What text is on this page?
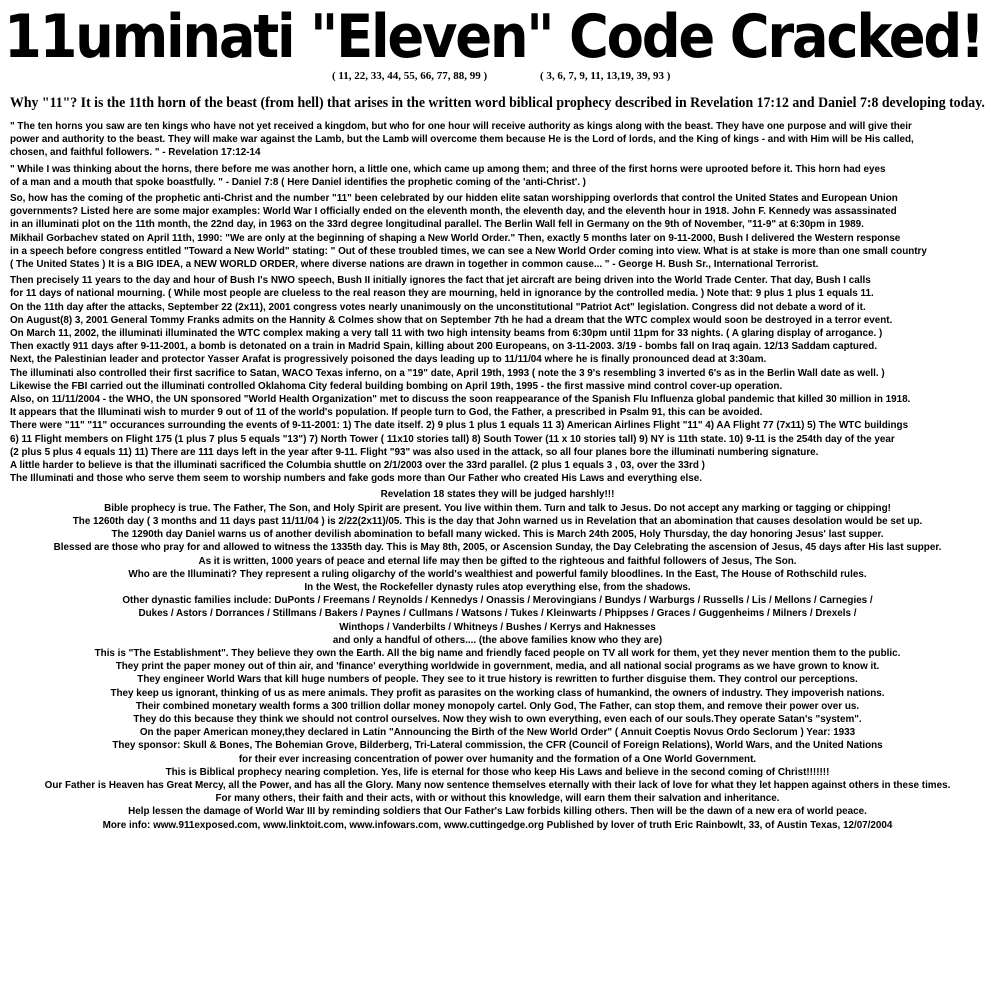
11uminati "Eleven" Code Cracked!
( 11, 22, 33, 44, 55, 66, 77, 88, 99 )	( 3, 6, 7, 9, 11, 13,19, 39, 93 )
Why "11"? It is the 11th horn of the beast (from hell) that arises in the written word biblical prophecy described in Revelation 17:12 and Daniel 7:8 developing today.

" The ten horns you saw are ten kings who have not yet received a kingdom, but who for one hour will receive authority as kings along with the beast. They have one purpose and will give their
power and authority to the beast. They will make war against the Lamb, but the Lamb will overcome them because He is the Lord of lords, and the King of kings - and with Him will be His called,
chosen, and faithful followers. " - Revelation 17:12-14

" While I was thinking about the horns, there before me was another horn, a little one, which came up among them; and three of the first horns were uprooted before it. This horn had eyes
of a man and a mouth that spoke boastfully. " - Daniel 7:8 ( Here Daniel identifies the prophetic coming of the 'anti-Christ'. )

So, how has the coming of the prophetic anti-Christ and the number "11" been celebrated by our hidden elite satan worshipping overlords that control the United States and European Union
governments? Listed here are some major examples: World War I officially ended on the eleventh month, the eleventh day, and the eleventh hour in 1918. John F. Kennedy was assassinated
in an illuminati plot on the 11th month, the 22nd day, in 1963 on the 33rd degree longitudinal parallel. The Berlin Wall fell in Germany on the 9th of November, "11-9" at 6:30pm in 1989.
Mikhail Gorbachev stated on April 11th, 1990: "We are only at the beginning of shaping a New World Order." Then, exactly 5 months later on 9-11-2000, Bush I delivered the Western response
in a speech before congress entitled "Toward a New World" stating: " Out of these troubled times, we can see a New World Order coming into view. What is at stake is more than one small country
( The United States ) It is a BIG IDEA, a NEW WORLD ORDER, where diverse nations are drawn in together in common cause... " - George H. Bush Sr., International Terrorist.

Then precisely 11 years to the day and hour of Bush I's NWO speech, Bush II initially ignores the fact that jet aircraft are being driven into the World Trade Center. That day, Bush I calls
for 11 days of national mourning. ( While most people are clueless to the real reason they are mourning, held in ignorance by the controlled media. ) Note that: 9 plus 1 plus 1 equals 11.
On the 11th day after the attacks, September 22 (2x11), 2001 congress votes nearly unanimously on the unconstitutional "Patriot Act" legislation. Congress did not debate a word of it.
On August(8) 3, 2001 General Tommy Franks admits on the Hannity & Colmes show that on September 7th he had a dream that the WTC complex would soon be destroyed in a terror event.
On March 11, 2002, the illuminati illuminated the WTC complex making a very tall 11 with two high intensity beams from 6:30pm until 11pm for 33 nights. ( A glaring display of arrogance. )
Then exactly 911 days after 9-11-2001, a bomb is detonated on a train in Madrid Spain, killing about 200 Europeans, on 3-11-2003. 3/19 - bombs fall on Iraq again. 12/13 Saddam captured.
Next, the Palestinian leader and protector Yasser Arafat is progressively poisoned the days leading up to 11/11/04 where he is finally pronounced dead at 3:30am.
The illuminati also controlled their first sacrifice to Satan, WACO Texas inferno, on a "19" date, April 19th, 1993 ( note the 3 9's resembling 3 inverted 6's as in the Berlin Wall date as well. )
Likewise the FBI carried out the illuminati controlled Oklahoma City federal building bombing on April 19th, 1995 - the first massive mind control cover-up operation.
Also, on 11/11/2004 - the WHO, the UN sponsored "World Health Organization" met to discuss the soon reappearance of the Spanish Flu Influenza global pandemic that killed 30 million in 1918.
It appears that the Illuminati wish to murder 9 out of 11 of the world's population. If people turn to God, the Father, a prescribed in Psalm 91, this can be avoided.
There were "11" "11" occurances surrounding the events of 9-11-2001: 1) The date itself. 2) 9 plus 1 plus 1 equals 11 3) American Airlines Flight "11" 4) AA Flight 77 (7x11) 5) The WTC buildings
6) 11 Flight members on Flight 175 (1 plus 7 plus 5 equals "13") 7) North Tower ( 11x10 stories tall) 8) South Tower (11 x 10 stories tall) 9) NY is 11th state. 10) 9-11 is the 254th day of the year
(2 plus 5 plus 4 equals 11) 11) There are 111 days left in the year after 9-11. Flight "93" was also used in the attack, so all four planes bore the illuminati numbering signature.
A little harder to believe is that the illuminati sacrificed the Columbia shuttle on 2/1/2003 over the 33rd parallel. (2 plus 1 equals 3 , 03, over the 33rd )
The Illuminati and those who serve them seem to worship numbers and fake gods more than Our Father who created His Laws and everything else.

Revelation 18 states they will be judged harshly!!!
Bible prophecy is true. The Father, The Son, and Holy Spirit are present. You live within them. Turn and talk to Jesus. Do not accept any marking or tagging or chipping!
The 1260th day ( 3 months and 11 days past 11/11/04 ) is 2/22(2x11)/05. This is the day that John warned us in Revelation that an abomination that causes desolation would be set up.
The 1290th day Daniel warns us of another devilish abomination to befall many wicked. This is March 24th 2005, Holy Thursday, the day honoring Jesus' last supper.
Blessed are those who pray for and allowed to witness the 1335th day. This is May 8th, 2005, or Ascension Sunday, the Day Celebrating the ascension of Jesus, 45 days after His last supper.
As it is written, 1000 years of peace and eternal life may then be gifted to the righteous and faithful followers of Jesus, The Son.
Who are the Illuminati? They represent a ruling oligarchy of the world's wealthiest and powerful family bloodlines. In the East, The House of Rothschild rules.
In the West, the Rockefeller dynasty rules atop everything else, from the shadows.
Other dynastic families include: DuPonts / Freemans / Reynolds / Kennedys / Onassis / Merovingians / Bundys / Warburgs / Russells / Lis / Mellons / Carnegies /
Dukes / Astors / Dorrances / Stillmans / Bakers / Paynes / Cullmans / Watsons / Tukes / Kleinwarts / Phippses / Graces / Guggenheims / Milners / Drexels /
Winthops / Vanderbilts / Whitneys / Bushes / Kerrys and Haknesses
and only a handful of others.... (the above families know who they are)
This is "The Establishment". They believe they own the Earth. All the big name and friendly faced people on TV all work for them, yet they never mention them to the public.
They print the paper money out of thin air, and 'finance' everything worldwide in government, media, and all national social programs as we have grown to know it.
They engineer World Wars that kill huge numbers of people. They see to it true history is rewritten to further disguise them. They control our perceptions.
They keep us ignorant, thinking of us as mere animals. They profit as parasites on the working class of humankind, the owners of industry. They impoverish nations.
Their combined monetary wealth forms a 300 trillion dollar money monopoly cartel. Only God, The Father, can stop them, and remove their power over us.
They do this because they think we should not control ourselves. Now they wish to own everything, even each of our souls.They operate Satan's "system".
On the paper American money,they declared in Latin "Announcing the Birth of the New World Order" ( Annuit Coeptis Novus Ordo Seclorum ) Year: 1933
They sponsor: Skull & Bones, The Bohemian Grove, Bilderberg, Tri-Lateral commission, the CFR (Council of Foreign Relations), World Wars, and the United Nations
for their ever increasing concentration of power over humanity and the formation of a One World Government.
This is Biblical prophecy nearing completion. Yes, life is eternal for those who keep His Laws and believe in the second coming of Christ!!!!!!!
Our Father is Heaven has Great Mercy, all the Power, and has all the Glory. Many now sentence themselves eternally with their lack of love for what they let happen against others in these times.
For many others, their faith and their acts, with or without this knowledge, will earn them their salvation and inheritance.
Help lessen the damage of World War III by reminding soldiers that Our Father's Law forbids killing others. Then will be the dawn of a new era of world peace.
More info: www.911exposed.com, www.linktoit.com, www.infowars.com, www.cuttingedge.org Published by lover of truth Eric Rainbowlt, 33, of Austin Texas, 12/07/2004
